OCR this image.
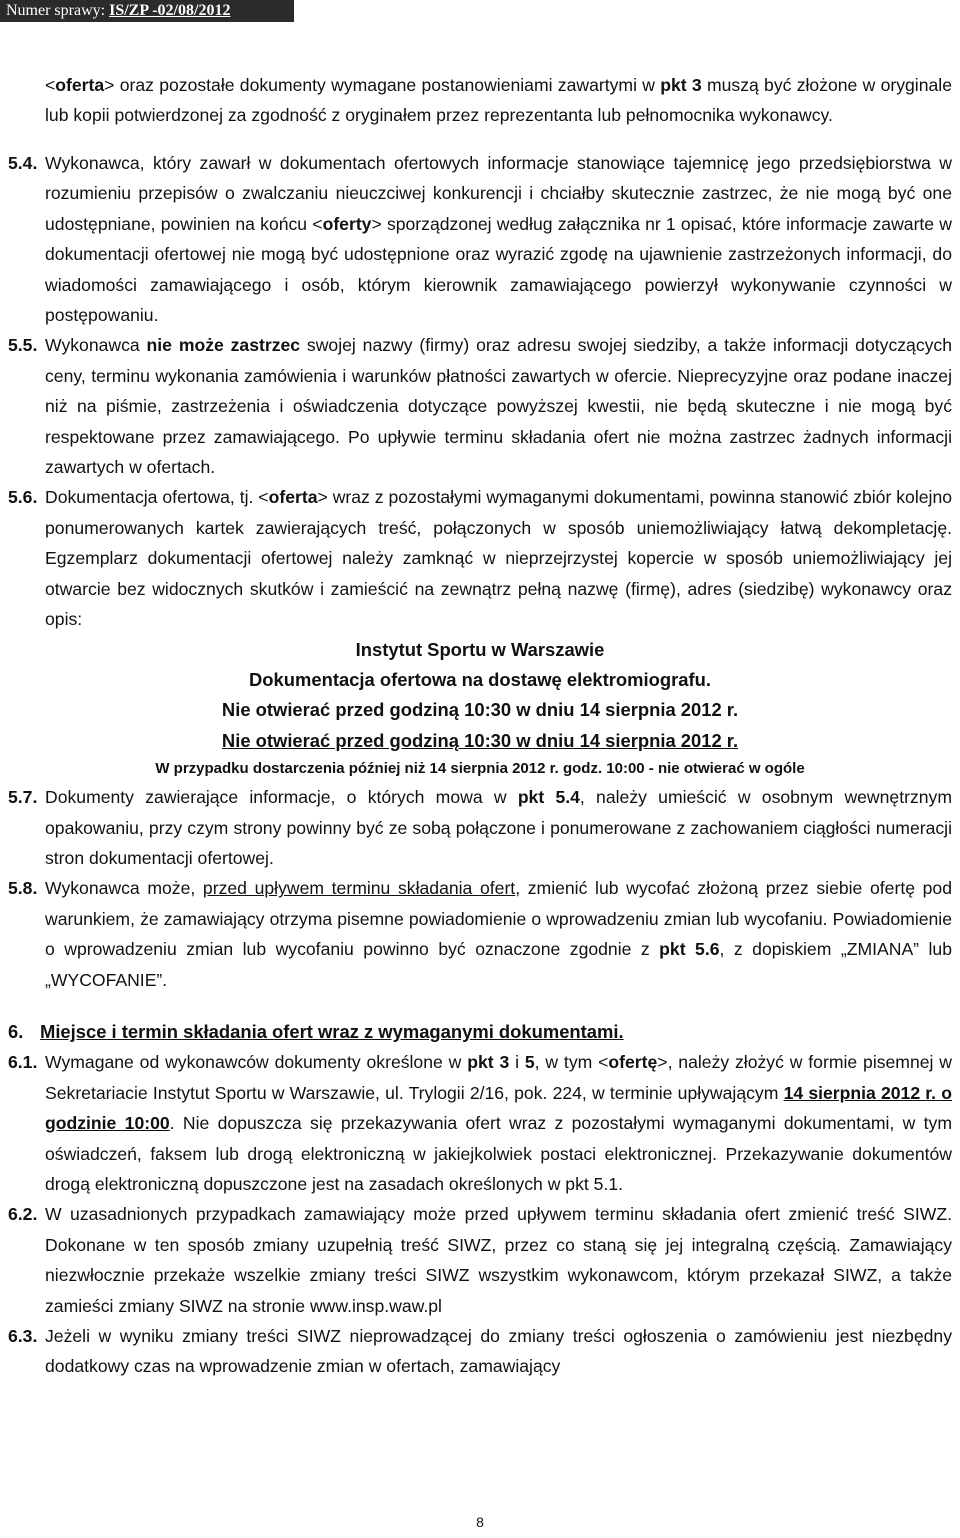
Numer sprawy: IS/ZP -02/08/2012

<oferta> oraz pozostałe dokumenty wymagane postanowieniami zawartymi w pkt 3 muszą być złożone w oryginale lub kopii potwierdzonej za zgodność z oryginałem przez reprezentanta lub pełnomocnika wykonawcy.

5.4. Wykonawca, który zawarł w dokumentach ofertowych informacje stanowiące tajemnicę jego przedsiębiorstwa w rozumieniu przepisów o zwalczaniu nieuczciwej konkurencji i chciałby skutecznie zastrzec, że nie mogą być one udostępniane, powinien na końcu <oferty> sporządzonej według załącznika nr 1 opisać, które informacje zawarte w dokumentacji ofertowej nie mogą być udostępnione oraz wyrazić zgodę na ujawnienie zastrzeżonych informacji, do wiadomości zamawiającego i osób, którym kierownik zamawiającego powierzył wykonywanie czynności w postępowaniu.
5.5. Wykonawca nie może zastrzec swojej nazwy (firmy) oraz adresu swojej siedziby, a także informacji dotyczących ceny, terminu wykonania zamówienia i warunków płatności zawartych w ofercie. Nieprecyzyjne oraz podane inaczej niż na piśmie, zastrzeżenia i oświadczenia dotyczące powyższej kwestii, nie będą skuteczne i nie mogą być respektowane przez zamawiającego. Po upływie terminu składania ofert nie można zastrzec żadnych informacji zawartych w ofertach.
5.6. Dokumentacja ofertowa, tj. <oferta> wraz z pozostałymi wymaganymi dokumentami, powinna stanowić zbiór kolejno ponumerowanych kartek zawierających treść, połączonych w sposób uniemożliwiający łatwą dekompletację. Egzemplarz dokumentacji ofertowej należy zamknąć w nieprzejrzystej kopercie w sposób uniemożliwiający jej otwarcie bez widocznych skutków i zamieścić na zewnątrz pełną nazwę (firmę), adres (siedzibę) wykonawcy oraz opis:
Instytut Sportu w Warszawie
Dokumentacja ofertowa na dostawę elektromiografu.
Nie otwierać przed godziną 10:30 w dniu 14 sierpnia 2012 r.
Nie otwierać przed godziną 10:30 w dniu 14 sierpnia 2012 r.
W przypadku dostarczenia później niż 14 sierpnia 2012 r. godz. 10:00 - nie otwierać w ogóle
5.7. Dokumenty zawierające informacje, o których mowa w pkt 5.4, należy umieścić w osobnym wewnętrznym opakowaniu, przy czym strony powinny być ze sobą połączone i ponumerowane z zachowaniem ciągłości numeracji stron dokumentacji ofertowej.
5.8. Wykonawca może, przed upływem terminu składania ofert, zmienić lub wycofać złożoną przez siebie ofertę pod warunkiem, że zamawiający otrzyma pisemne powiadomienie o wprowadzeniu zmian lub wycofaniu. Powiadomienie o wprowadzeniu zmian lub wycofaniu powinno być oznaczone zgodnie z pkt 5.6, z dopiskiem „ZMIANA” lub „WYCOFANIE”.
6. Miejsce i termin składania ofert wraz z wymaganymi dokumentami.
6.1. Wymagane od wykonawców dokumenty określone w pkt 3 i 5, w tym <ofertę>, należy złożyć w formie pisemnej w Sekretariacie Instytut Sportu w Warszawie, ul. Trylogii 2/16, pok. 224, w terminie upływającym 14 sierpnia 2012 r. o godzinie 10:00. Nie dopuszcza się przekazywania ofert wraz z pozostałymi wymaganymi dokumentami, w tym oświadczeń, faksem lub drogą elektroniczną w jakiejkolwiek postaci elektronicznej. Przekazywanie dokumentów drogą elektroniczną dopuszczone jest na zasadach określonych w pkt 5.1.
6.2. W uzasadnionych przypadkach zamawiający może przed upływem terminu składania ofert zmienić treść SIWZ. Dokonane w ten sposób zmiany uzupełnią treść SIWZ, przez co staną się jej integralną częścią. Zamawiający niezwłocznie przekaże wszelkie zmiany treści SIWZ wszystkim wykonawcom, którym przekazał SIWZ, a także zamieści zmiany SIWZ na stronie www.insp.waw.pl
6.3. Jeżeli w wyniku zmiany treści SIWZ nieprowadzącej do zmiany treści ogłoszenia o zamówieniu jest niezbędny dodatkowy czas na wprowadzenie zmian w ofertach, zamawiający
8
